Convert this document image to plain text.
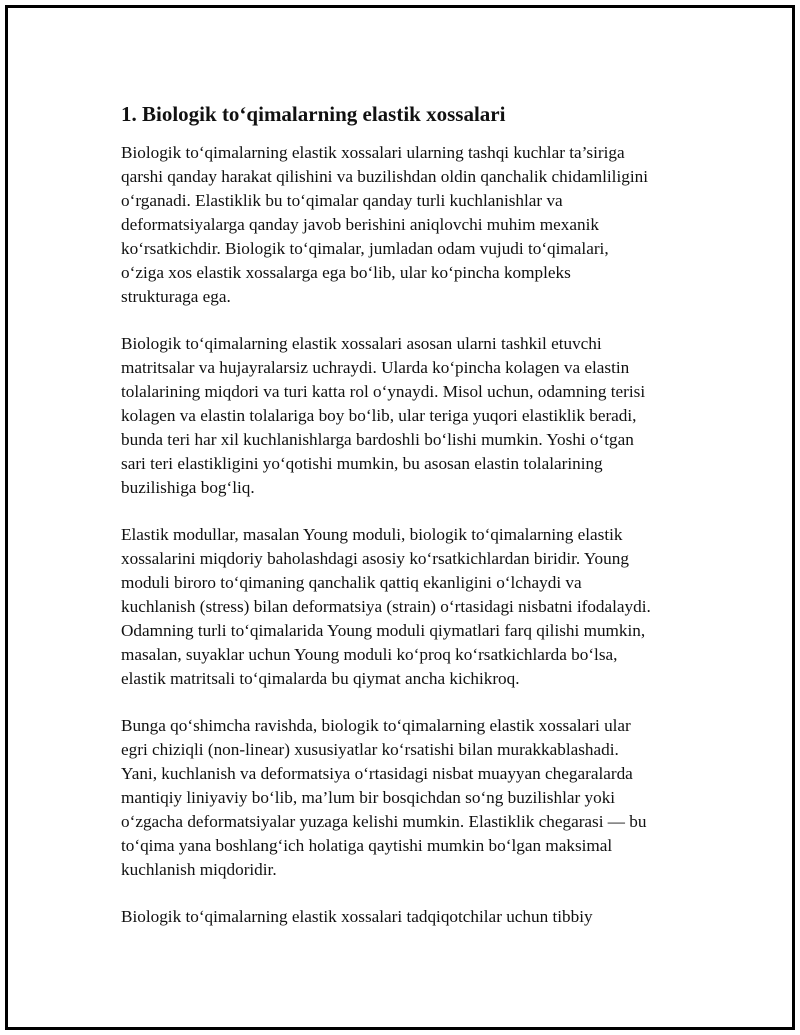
1. Biologik to‘qimalarning elastik xossalari

Biologik to‘qimalarning elastik xossalari ularning tashqi kuchlar ta’siriga
qarshi qanday harakat qilishini va buzilishdan oldin qanchalik chidamliligini
o‘rganadi. Elastiklik bu to‘qimalar qanday turli kuchlanishlar va
deformatsiyalarga qanday javob berishini aniqlovchi muhim mexanik
ko‘rsatkichdir. Biologik to‘qimalar, jumladan odam vujudi to‘qimalari,
o‘ziga xos elastik xossalarga ega bo‘lib, ular ko‘pincha kompleks
strukturaga ega.

Biologik to‘qimalarning elastik xossalari asosan ularni tashkil etuvchi
matritsalar va hujayralarsiz uchraydi. Ularda ko‘pincha kolagen va elastin
tolalarining miqdori va turi katta rol o‘ynaydi. Misol uchun, odamning terisi
kolagen va elastin tolalariga boy bo‘lib, ular teriga yuqori elastiklik beradi,
bunda teri har xil kuchlanishlarga bardoshli bo‘lishi mumkin. Yoshi o‘tgan
sari teri elastikligini yo‘qotishi mumkin, bu asosan elastin tolalarining
buzilishiga bog‘liq.

Elastik modullar, masalan Young moduli, biologik to‘qimalarning elastik
xossalarini miqdoriy baholashdagi asosiy ko‘rsatkichlardan biridir. Young
moduli biroro to‘qimaning qanchalik qattiq ekanligini o‘lchaydi va
kuchlanish (stress) bilan deformatsiya (strain) o‘rtasidagi nisbatni ifodalaydi.
Odamning turli to‘qimalarida Young moduli qiymatlari farq qilishi mumkin,
masalan, suyaklar uchun Young moduli ko‘proq ko‘rsatkichlarda bo‘lsa,
elastik matritsali to‘qimalarda bu qiymat ancha kichikroq.

Bunga qo‘shimcha ravishda, biologik to‘qimalarning elastik xossalari ular
egri chiziqli (non-linear) xususiyatlar ko‘rsatishi bilan murakkablashadi.
Yani, kuchlanish va deformatsiya o‘rtasidagi nisbat muayyan chegaralarda
mantiqiy liniyaviy bo‘lib, ma’lum bir bosqichdan so‘ng buzilishlar yoki
o‘zgacha deformatsiyalar yuzaga kelishi mumkin. Elastiklik chegarasi — bu
to‘qima yana boshlang‘ich holatiga qaytishi mumkin bo‘lgan maksimal
kuchlanish miqdoridir.

Biologik to‘qimalarning elastik xossalari tadqiqotchilar uchun tibbiy
